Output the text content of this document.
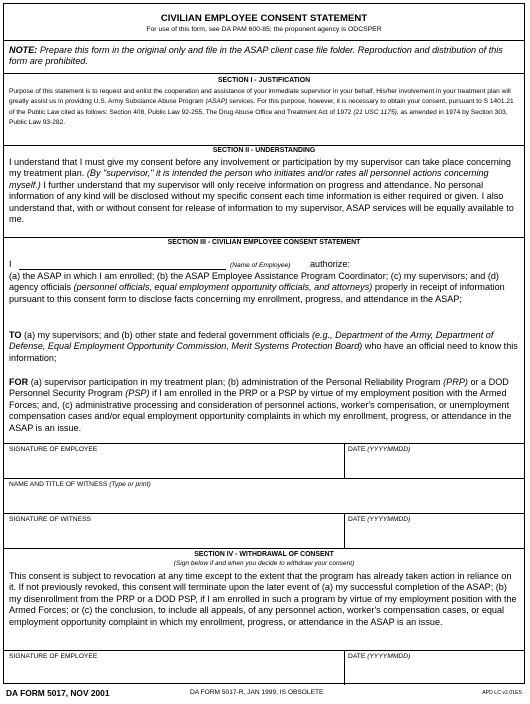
CIVILIAN EMPLOYEE CONSENT STATEMENT
For use of this form, see DA PAM 600-85; the proponent agency is ODCSPER
NOTE: Prepare this form in the original only and file in the ASAP client case file folder. Reproduction and distribution of this form are prohibited.
SECTION I - JUSTIFICATION
Purpose of this statement is to request and enlist the cooperation and assistance of your immediate supervisor in your behalf. His/her involvement in your treatment plan will greatly assist us in providing U.S. Army Substance Abuse Program (ASAP) services. For this purpose, however, it is necessary to obtain your consent, pursuant to S 1401.21 of the Public Law cited as follows: Section 408, Public Law 92-255, The Drug Abuse Office and Treatment Act of 1972 (21 USC 1175), as amended in 1974 by Section 303, Public Law 93-282.
SECTION II - UNDERSTANDING
I understand that I must give my consent before any involvement or participation by my supervisor can take place concerning my treatment plan. (By "supervisor," it is intended the person who initiates and/or rates all personnel actions concerning myself.) I further understand that my supervisor will only receive information on progress and attendance. No personal information of any kind will be disclosed without my specific consent each time information is either required or given. I also understand that, with or without consent for release of information to my supervisor, ASAP services will be equally available to me.
SECTION III - CIVILIAN EMPLOYEE CONSENT STATEMENT
I	(Name of Employee) authorize:
(a) the ASAP in which I am enrolled; (b) the ASAP Employee Assistance Program Coordinator; (c) my supervisors; and (d) agency officials (personnel officials, equal employment opportunity officials, and attorneys) properly in receipt of information pursuant to this consent form to disclose facts concerning my enrollment, progress, and attendance in the ASAP;
TO (a) my supervisors; and (b) other state and federal government officials (e.g., Department of the Army, Department of Defense, Equal Employment Opportunity Commission, Merit Systems Protection Board) who have an official need to know this information;
FOR (a) supervisor participation in my treatment plan; (b) administration of the Personal Reliability Program (PRP) or a DOD Personnel Security Program (PSP) if I am enrolled in the PRP or a PSP by virtue of my employment position with the Armed Forces; and, (c) administrative processing and consideration of personnel actions, worker's compensation, or unemployment compensation cases and/or equal employment opportunity complaints in which my enrollment, progress, or attendance in the ASAP is an issue.
SIGNATURE OF EMPLOYEE	DATE (YYYYMMDD)
NAME AND TITLE OF WITNESS (Type or print)
SIGNATURE OF WITNESS	DATE (YYYYMMDD)
SECTION IV - WITHDRAWAL OF CONSENT
(Sign below if and when you decide to withdraw your consent)
This consent is subject to revocation at any time except to the extent that the program has already taken action in reliance on it. If not previously revoked, this consent will terminate upon the later event of (a) my successful completion of the ASAP; (b) my disenrollment from the PRP or a DOD PSP, if I am enrolled in such a program by virtue of my employment position with the Armed Forces; or (c) the conclusion, to include all appeals, of any personnel action, worker's compensation cases, or equal employment opportunity complaint in which my enrollment, progress, or attendance in the ASAP is an issue.
SIGNATURE OF EMPLOYEE	DATE (YYYYMMDD)
DA FORM 5017, NOV 2001	DA FORM 5017-R, JAN 1999, IS OBSOLETE	APD LC v2.01ES
